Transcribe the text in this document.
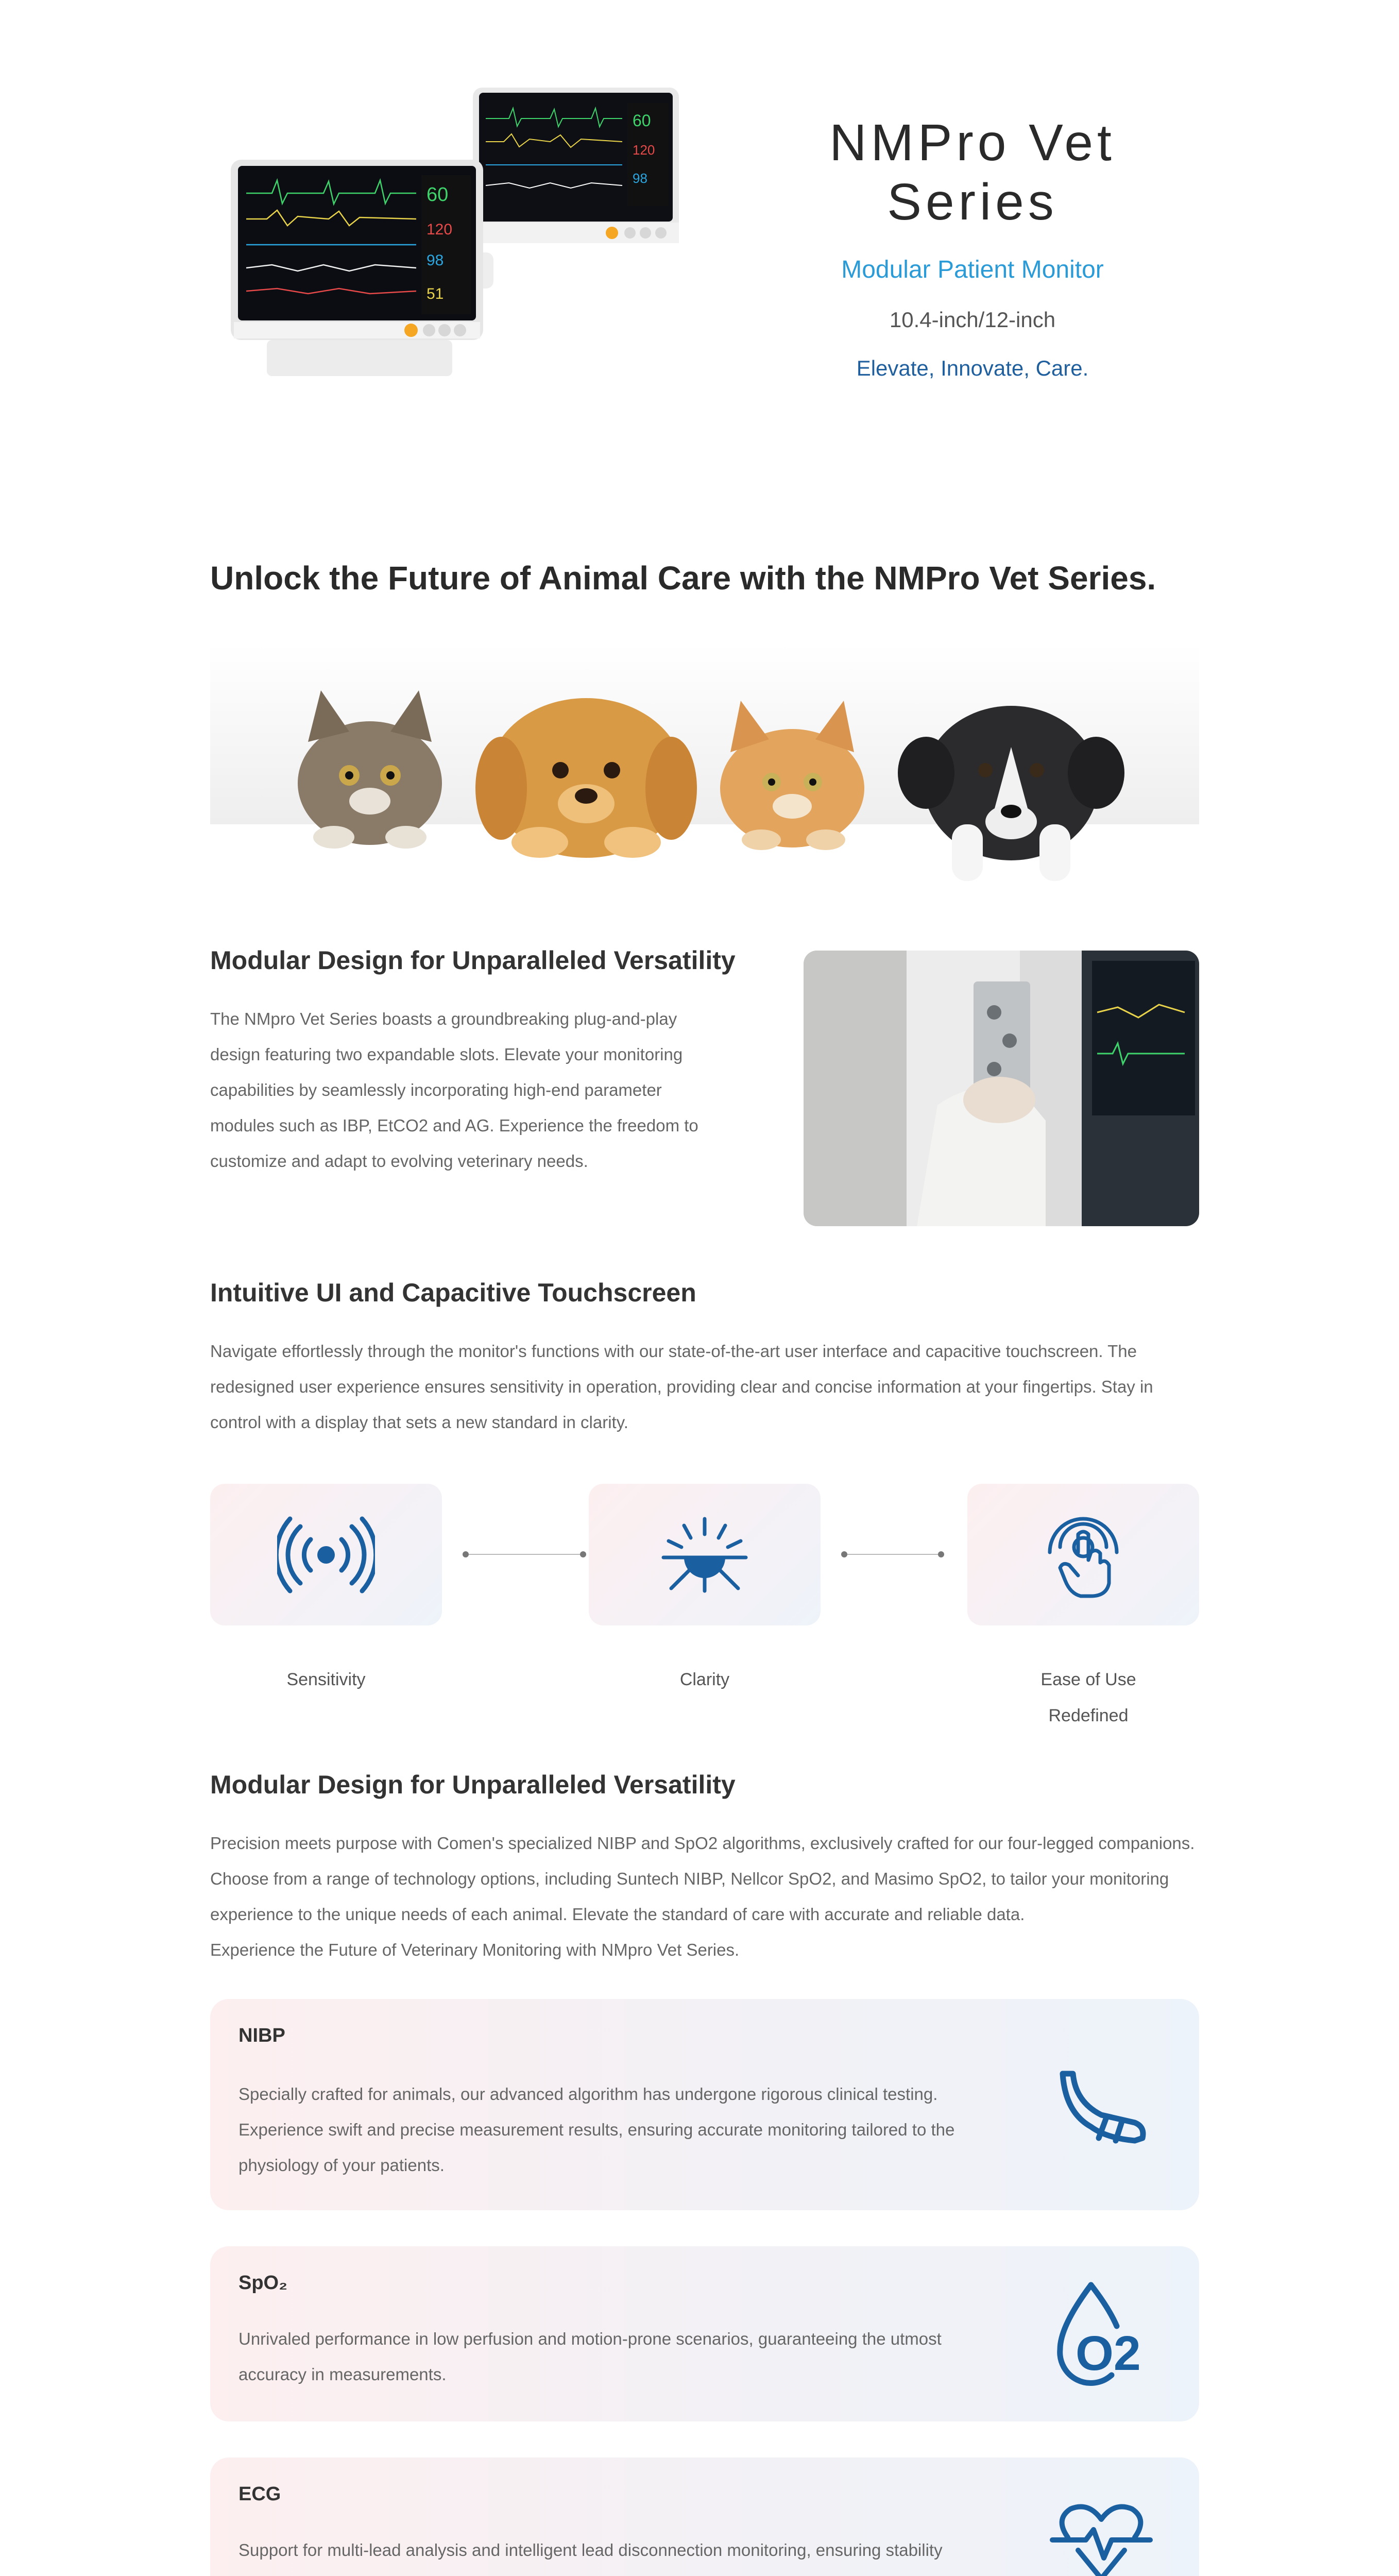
60
120
98
60
120
98
51
NMPro Vet Series
Modular Patient Monitor
10.4-inch/12-inch
Elevate, Innovate, Care.
Unlock the Future of Animal Care with the NMPro Vet Series.
Modular Design for Unparalleled Versatility

The NMpro Vet Series boasts a groundbreaking plug-and-play design featuring two expandable slots. Elevate your monitoring capabilities by seamlessly incorporating high-end parameter modules such as IBP, EtCO2 and AG. Experience the freedom to customize and adapt to evolving veterinary needs.

Intuitive UI and Capacitive Touchscreen

Navigate effortlessly through the monitor's functions with our state-of-the-art user interface and capacitive touchscreen. The redesigned user experience ensures sensitivity in operation, providing clear and concise information at your fingertips. Stay in control with a display that sets a new standard in clarity.

Sensitivity	Clarity	Ease of Use Redefined
Modular Design for Unparalleled Versatility

Precision meets purpose with Comen's specialized NIBP and SpO2 algorithms, exclusively crafted for our four-legged companions. Choose from a range of technology options, including Suntech NIBP, Nellcor SpO2, and Masimo SpO2, to tailor your monitoring experience to the unique needs of each animal. Elevate the standard of care with accurate and reliable data.
Experience the Future of Veterinary Monitoring with NMpro Vet Series.

NIBP
Specially crafted for animals, our advanced algorithm has undergone rigorous clinical testing. Experience swift and precise measurement results, ensuring accurate monitoring tailored to the physiology of your patients.
SpO₂
Unrivaled performance in low perfusion and motion-prone scenarios, guaranteeing the utmost accuracy in measurements.	O2
ECG
Support for multi-lead analysis and intelligent lead disconnection monitoring, ensuring stability
